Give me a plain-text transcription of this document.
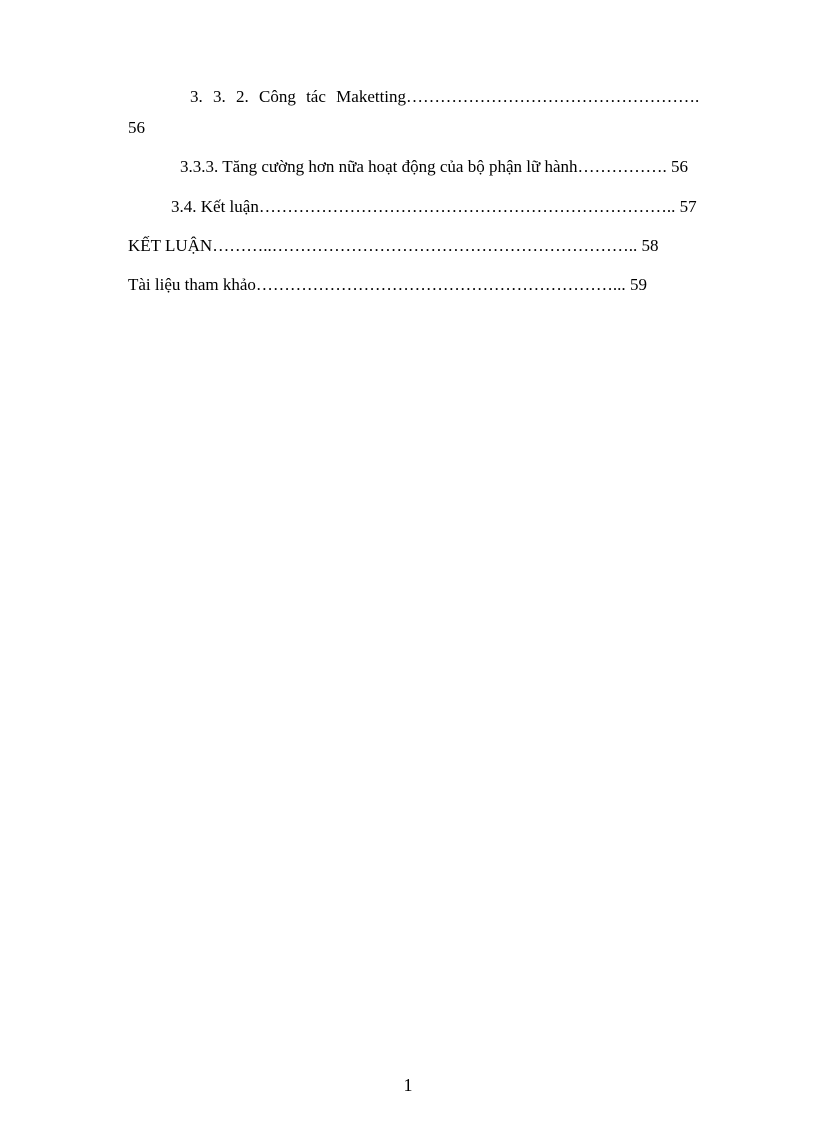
3. 3. 2. Công tác Maketting…………………………………………….
56
3.3.3. Tăng cường hơn nữa hoạt động của bộ phận lữ hành……………. 56
3.4. Kết luận……………………………………………………………….. 57
KẾT LUẬN………..……………………………………………………….. 58
Tài liệu tham khảo………………………………………………………... 59
1
